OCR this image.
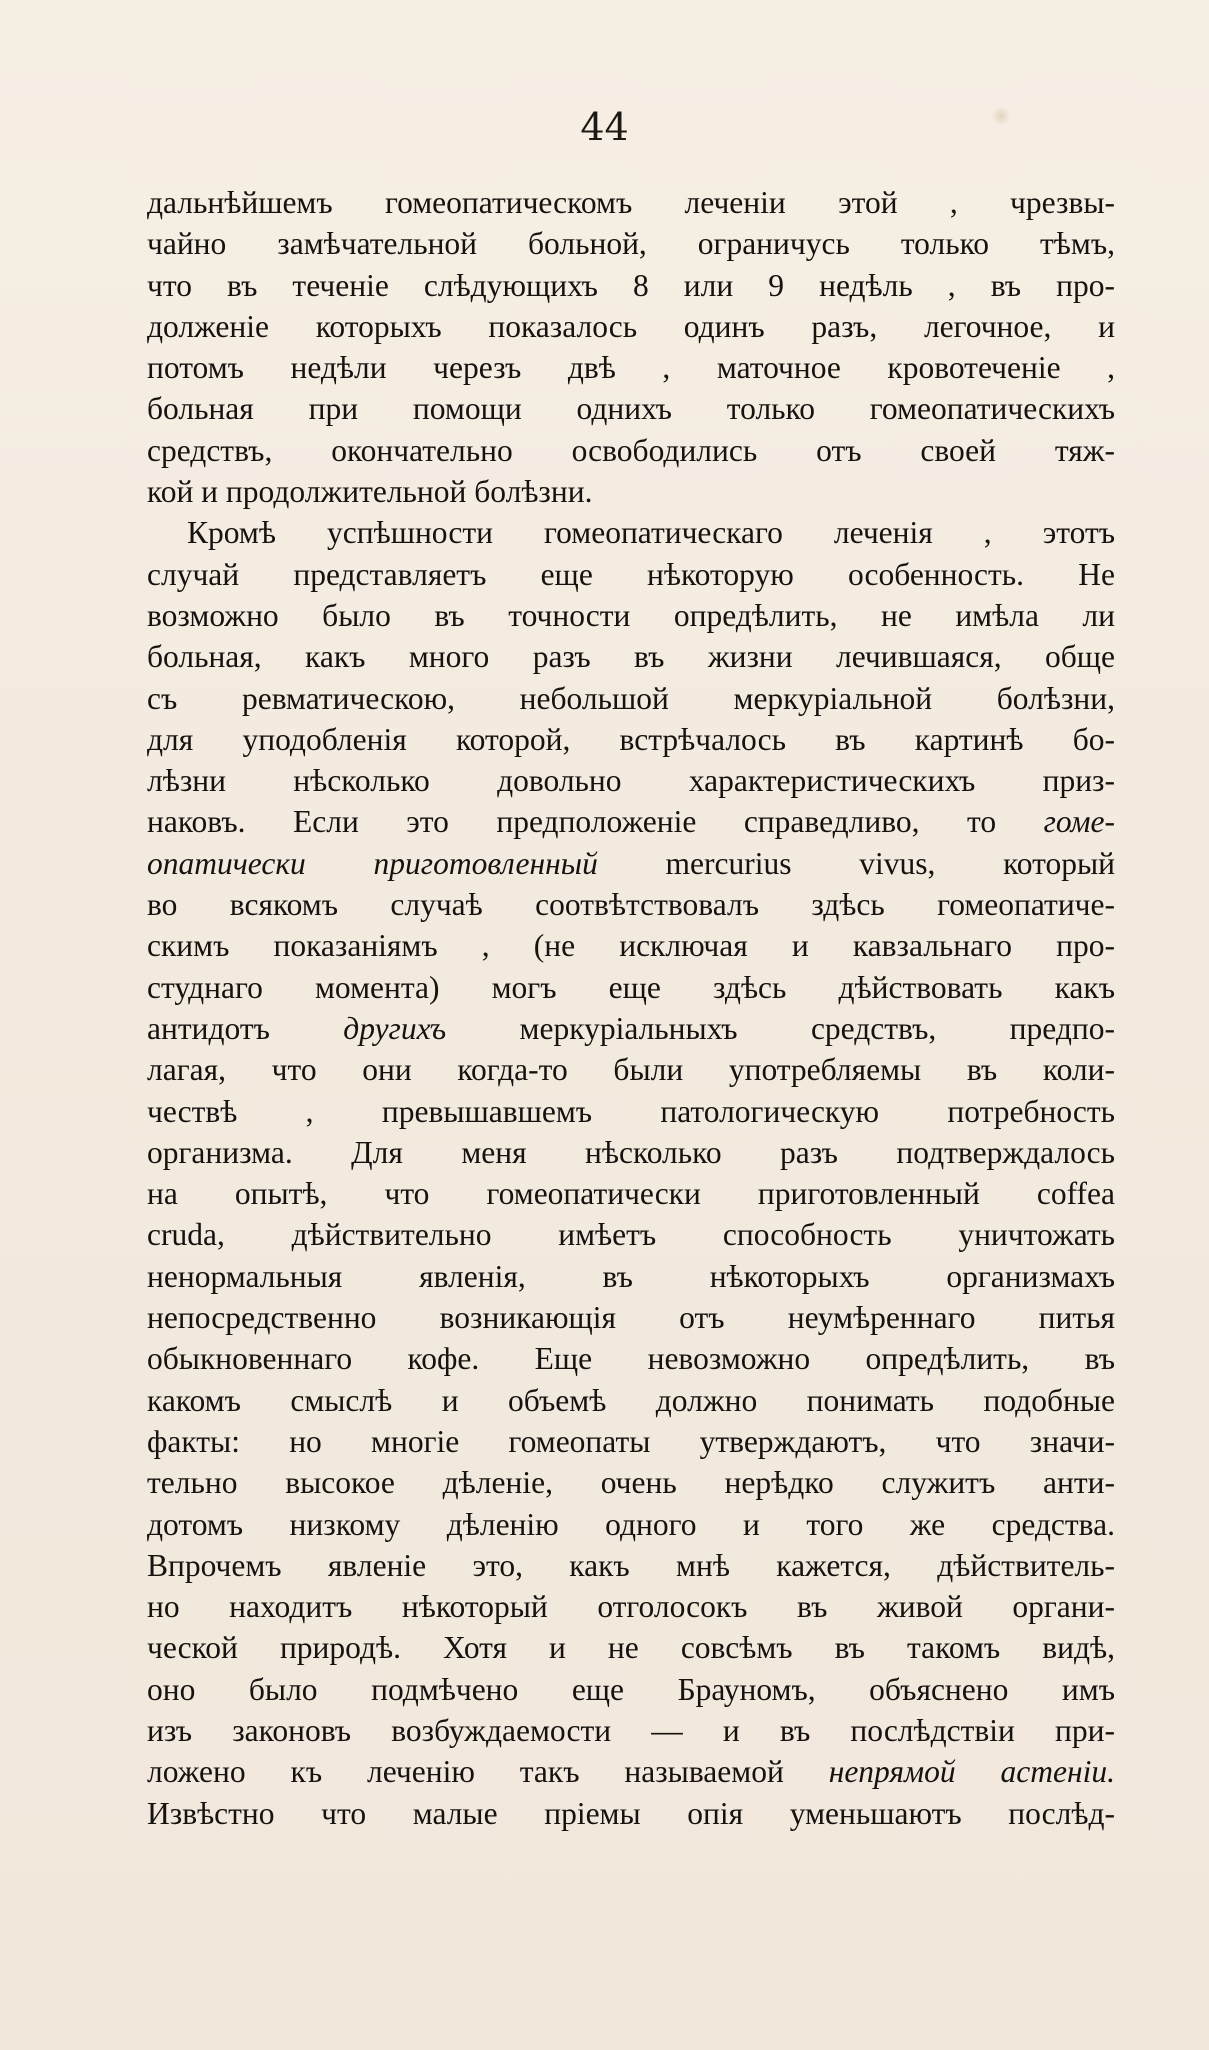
44
дальнѣйшемъ гомеопатическомъ леченіи этой , чрезвы-
чайно замѣчательной больной, ограничусь только тѣмъ,
что въ теченіе слѣдующихъ 8 или 9 недѣль , въ про-
долженіе которыхъ показалось одинъ разъ, легочное, и
потомъ недѣли черезъ двѣ , маточное кровотеченіе ,
больная при помощи однихъ только гомеопатическихъ
средствъ, окончательно освободились отъ своей тяж-
кой и продолжительной болѣзни.
Кромѣ успѣшности гомеопатическаго леченія , этотъ
случай представляетъ еще нѣкоторую особенность. Не
возможно было въ точности опредѣлить, не имѣла ли
больная, какъ много разъ въ жизни лечившаяся, обще
съ ревматическою, небольшой меркуріальной болѣзни,
для уподобленія которой, встрѣчалось въ картинѣ бо-
лѣзни нѣсколько довольно характеристическихъ приз-
наковъ. Если это предположеніе справедливо, то гоме-
опатически приготовленный mercurius vivus, который
во всякомъ случаѣ соотвѣтствовалъ здѣсь гомеопатиче-
скимъ показаніямъ , (не исключая и кавзальнаго про-
студнаго момента) могъ еще здѣсь дѣйствовать какъ
антидотъ другихъ меркуріальныхъ средствъ, предпо-
лагая, что они когда-то были употребляемы въ коли-
чествѣ , превышавшемъ патологическую потребность
организма. Для меня нѣсколько разъ подтверждалось
на опытѣ, что гомеопатически приготовленный coffea
cruda, дѣйствительно имѣетъ способность уничтожать
ненормальныя явленія, въ нѣкоторыхъ организмахъ
непосредственно возникающія отъ неумѣреннаго питья
обыкновеннаго кофе. Еще невозможно опредѣлить, въ
какомъ смыслѣ и объемѣ должно понимать подобные
факты: но многіе гомеопаты утверждаютъ, что значи-
тельно высокое дѣленіе, очень нерѣдко служитъ анти-
дотомъ низкому дѣленію одного и того же средства.
Впрочемъ явленіе это, какъ мнѣ кажется, дѣйствитель-
но находитъ нѣкоторый отголосокъ въ живой органи-
ческой природѣ. Хотя и не совсѣмъ въ такомъ видѣ,
оно было подмѣчено еще Брауномъ, объяснено имъ
изъ законовъ возбуждаемости — и въ послѣдствіи при-
ложено къ леченію такъ называемой непрямой астеніи.
Извѣстно что малые пріемы опія уменьшаютъ послѣд-
